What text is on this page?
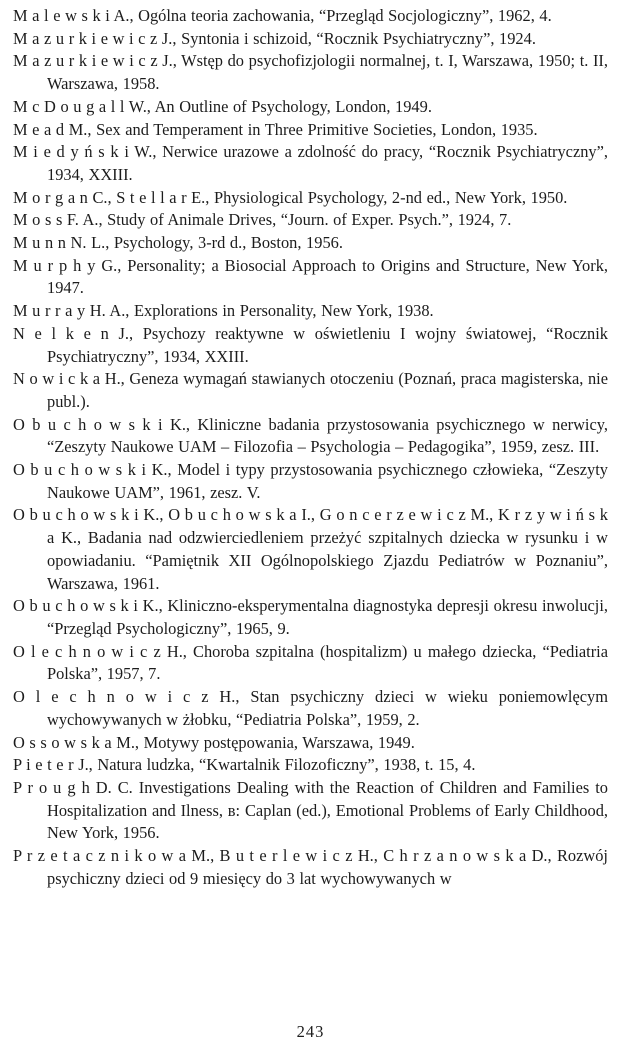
M a l e w s k i A., Ogólna teoria zachowania, “Przegląd Socjologiczny”, 1962, 4.

M a z u r k i e w i c z J., Syntonia i schizoid, “Rocznik Psychiatryczny”, 1924.

M a z u r k i e w i c z J., Wstęp do psychofizjologii normalnej, t. I, Warszawa, 1950; t. II, Warszawa, 1958.

M c D o u g a l l W., An Outline of Psychology, London, 1949.

M e a d M., Sex and Temperament in Three Primitive Societies, London, 1935.

M i e d y ń s k i W., Nerwice urazowe a zdolność do pracy, “Rocznik Psychiatryczny”, 1934, XXIII.

M o r g a n C., S t e l l a r E., Physiological Psychology, 2-nd ed., New York, 1950.

M o s s F. A., Study of Animale Drives, “Journ. of Exper. Psych.”, 1924, 7.

M u n n N. L., Psychology, 3-rd d., Boston, 1956.

M u r p h y G., Personality; a Biosocial Approach to Origins and Structure, New York, 1947.

M u r r a y H. A., Explorations in Personality, New York, 1938.

N e l k e n J., Psychozy reaktywne w oświetleniu I wojny światowej, “Rocznik Psychiatryczny”, 1934, XXIII.

N o w i c k a H., Geneza wymagań stawianych otoczeniu (Poznań, praca magisterska, nie publ.).

O b u c h o w s k i K., Kliniczne badania przystosowania psychicznego w nerwicy, “Zeszyty Naukowe UAM – Filozofia – Psychologia – Pedagogika”, 1959, zesz. III.

O b u c h o w s k i K., Model i typy przystosowania psychicznego człowieka, “Zeszyty Naukowe UAM”, 1961, zesz. V.

O b u c h o w s k i K., O b u c h o w s k a I., G o n c e r z e w i c z M., K r z y w i ń s k a K., Badania nad odzwierciedleniem przeżyć szpitalnych dziecka w rysunku i w opowiadaniu. “Pamiętnik XII Ogólnopolskiego Zjazdu Pediatrów w Poznaniu”, Warszawa, 1961.

O b u c h o w s k i K., Kliniczno-eksperymentalna diagnostyka depresji okresu inwolucji, “Przegląd Psychologiczny”, 1965, 9.

O l e c h n o w i c z H., Choroba szpitalna (hospitalizm) u małego dziecka, “Pediatria Polska”, 1957, 7.

O l e c h n o w i c z H., Stan psychiczny dzieci w wieku poniemowlęcym wychowywanych w żłobku, “Pediatria Polska”, 1959, 2.

O s s o w s k a M., Motywy postępowania, Warszawa, 1949.

P i e t e r J., Natura ludzka, “Kwartalnik Filozoficzny”, 1938, t. 15, 4.

P r o u g h D. C. Investigations Dealing with the Reaction of Children and Families to Hospitalization and Ilness, в: Caplan (ed.), Emotional Problems of Early Childhood, New York, 1956.

P r z e t a c z n i k o w a M., B u t e r l e w i c z H., C h r z a n o w s k a D., Rozwój psychiczny dzieci od 9 miesięcy do 3 lat wychowywanych w

243
